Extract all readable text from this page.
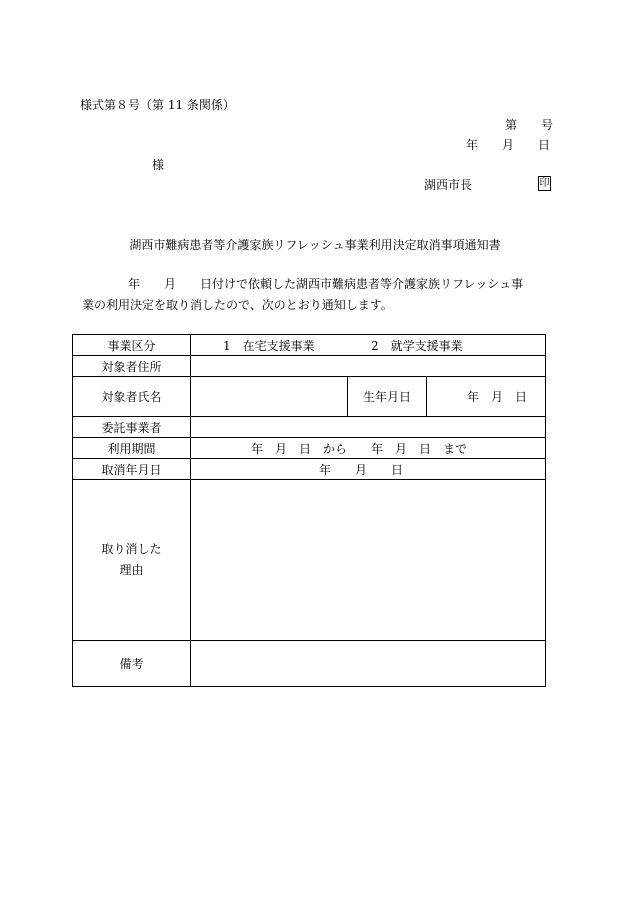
様式第８号（第 11 条関係）
第　　号
年　　月　　日
様
湖西市長	印
湖西市難病患者等介護家族リフレッシュ事業利用決定取消事項通知書
年　　月　　日付けで依頼した湖西市難病患者等介護家族リフレッシュ事
業の利用決定を取り消したので、次のとおり通知します。
事業区分	1　在宅支援事業 2　就学支援事業		
対象者住所			
対象者氏名		生年月日	年　月　日
委託事業者			
利用期間	年　月　日　から　　年　月　日　まで		
取消年月日	年　　月　　日		

取り消した
理由			

備考			
